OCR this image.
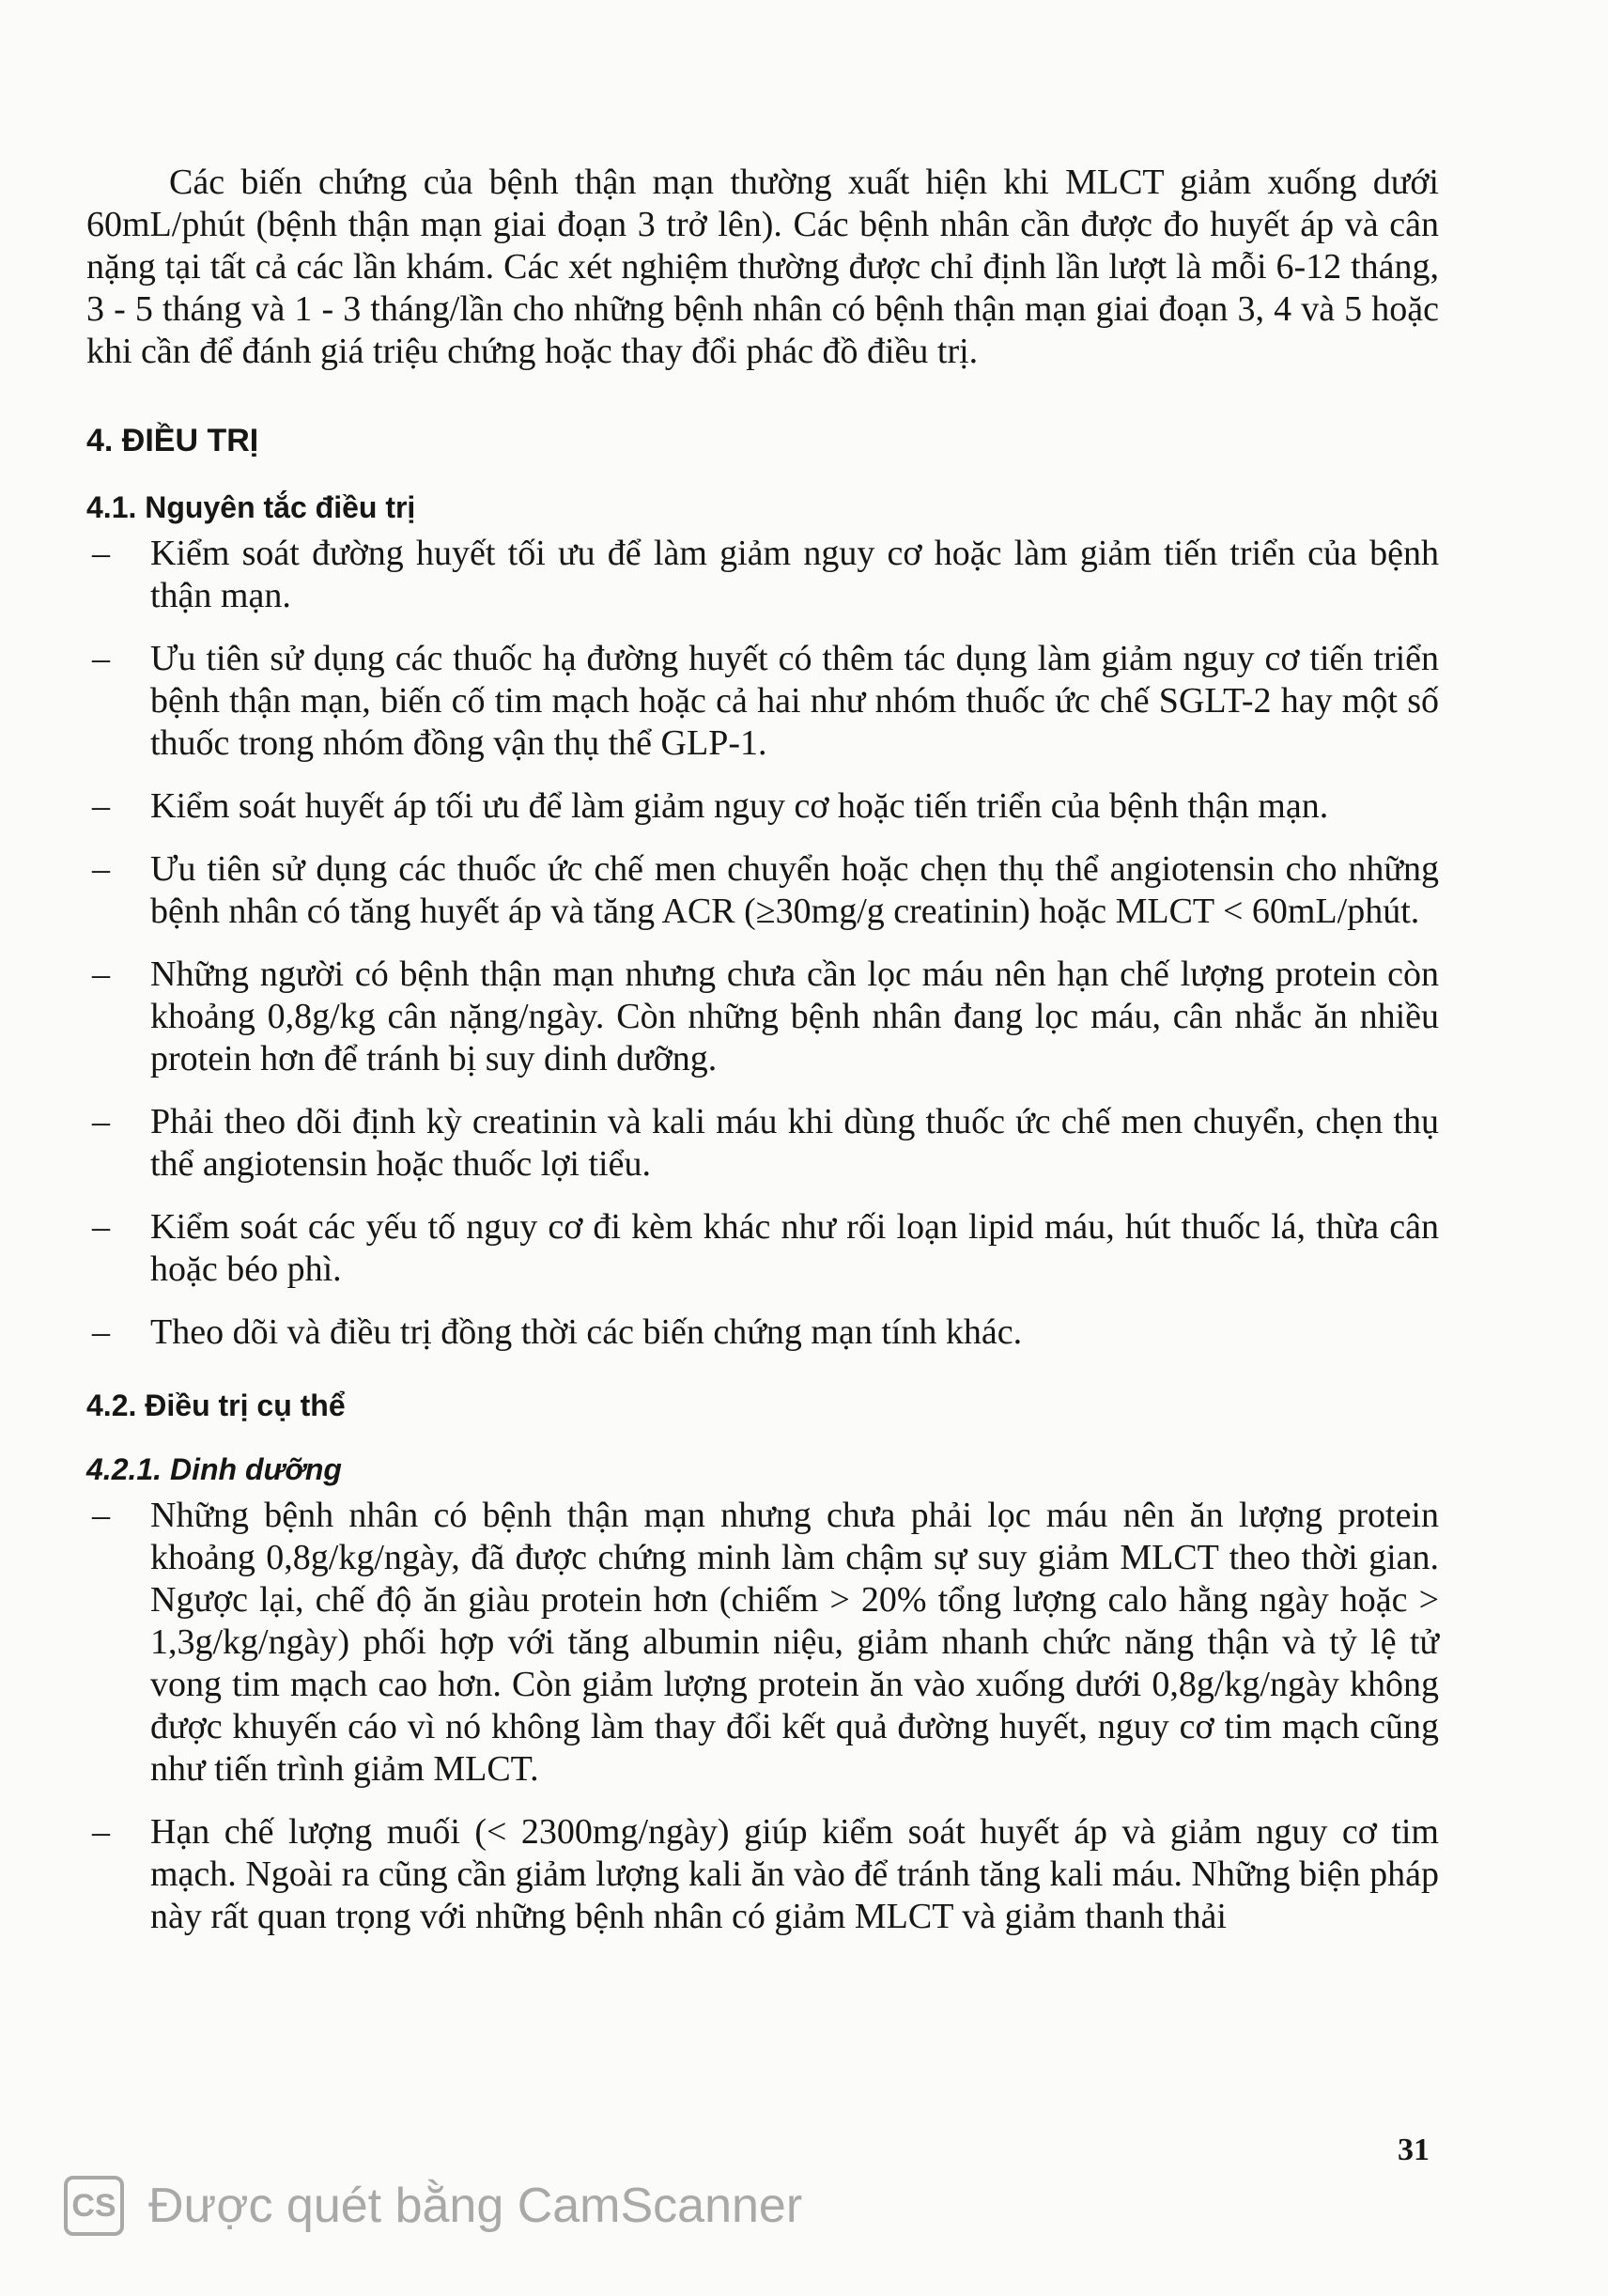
Các biến chứng của bệnh thận mạn thường xuất hiện khi MLCT giảm xuống dưới 60mL/phút (bệnh thận mạn giai đoạn 3 trở lên). Các bệnh nhân cần được đo huyết áp và cân nặng tại tất cả các lần khám. Các xét nghiệm thường được chỉ định lần lượt là mỗi 6-12 tháng, 3 - 5 tháng và 1 - 3 tháng/lần cho những bệnh nhân có bệnh thận mạn giai đoạn 3, 4 và 5 hoặc khi cần để đánh giá triệu chứng hoặc thay đổi phác đồ điều trị.

4. ĐIỀU TRỊ
4.1. Nguyên tắc điều trị
– Kiểm soát đường huyết tối ưu để làm giảm nguy cơ hoặc làm giảm tiến triển của bệnh thận mạn.
– Ưu tiên sử dụng các thuốc hạ đường huyết có thêm tác dụng làm giảm nguy cơ tiến triển bệnh thận mạn, biến cố tim mạch hoặc cả hai như nhóm thuốc ức chế SGLT-2 hay một số thuốc trong nhóm đồng vận thụ thể GLP-1.
– Kiểm soát huyết áp tối ưu để làm giảm nguy cơ hoặc tiến triển của bệnh thận mạn.
– Ưu tiên sử dụng các thuốc ức chế men chuyển hoặc chẹn thụ thể angiotensin cho những bệnh nhân có tăng huyết áp và tăng ACR (≥30mg/g creatinin) hoặc MLCT < 60mL/phút.
– Những người có bệnh thận mạn nhưng chưa cần lọc máu nên hạn chế lượng protein còn khoảng 0,8g/kg cân nặng/ngày. Còn những bệnh nhân đang lọc máu, cân nhắc ăn nhiều protein hơn để tránh bị suy dinh dưỡng.
– Phải theo dõi định kỳ creatinin và kali máu khi dùng thuốc ức chế men chuyển, chẹn thụ thể angiotensin hoặc thuốc lợi tiểu.
– Kiểm soát các yếu tố nguy cơ đi kèm khác như rối loạn lipid máu, hút thuốc lá, thừa cân hoặc béo phì.
– Theo dõi và điều trị đồng thời các biến chứng mạn tính khác.
4.2. Điều trị cụ thể
4.2.1. Dinh dưỡng
– Những bệnh nhân có bệnh thận mạn nhưng chưa phải lọc máu nên ăn lượng protein khoảng 0,8g/kg/ngày, đã được chứng minh làm chậm sự suy giảm MLCT theo thời gian. Ngược lại, chế độ ăn giàu protein hơn (chiếm > 20% tổng lượng calo hằng ngày hoặc > 1,3g/kg/ngày) phối hợp với tăng albumin niệu, giảm nhanh chức năng thận và tỷ lệ tử vong tim mạch cao hơn. Còn giảm lượng protein ăn vào xuống dưới 0,8g/kg/ngày không được khuyến cáo vì nó không làm thay đổi kết quả đường huyết, nguy cơ tim mạch cũng như tiến trình giảm MLCT.
– Hạn chế lượng muối (< 2300mg/ngày) giúp kiểm soát huyết áp và giảm nguy cơ tim mạch. Ngoài ra cũng cần giảm lượng kali ăn vào để tránh tăng kali máu. Những biện pháp này rất quan trọng với những bệnh nhân có giảm MLCT và giảm thanh thải
31
CS Được quét bằng CamScanner
